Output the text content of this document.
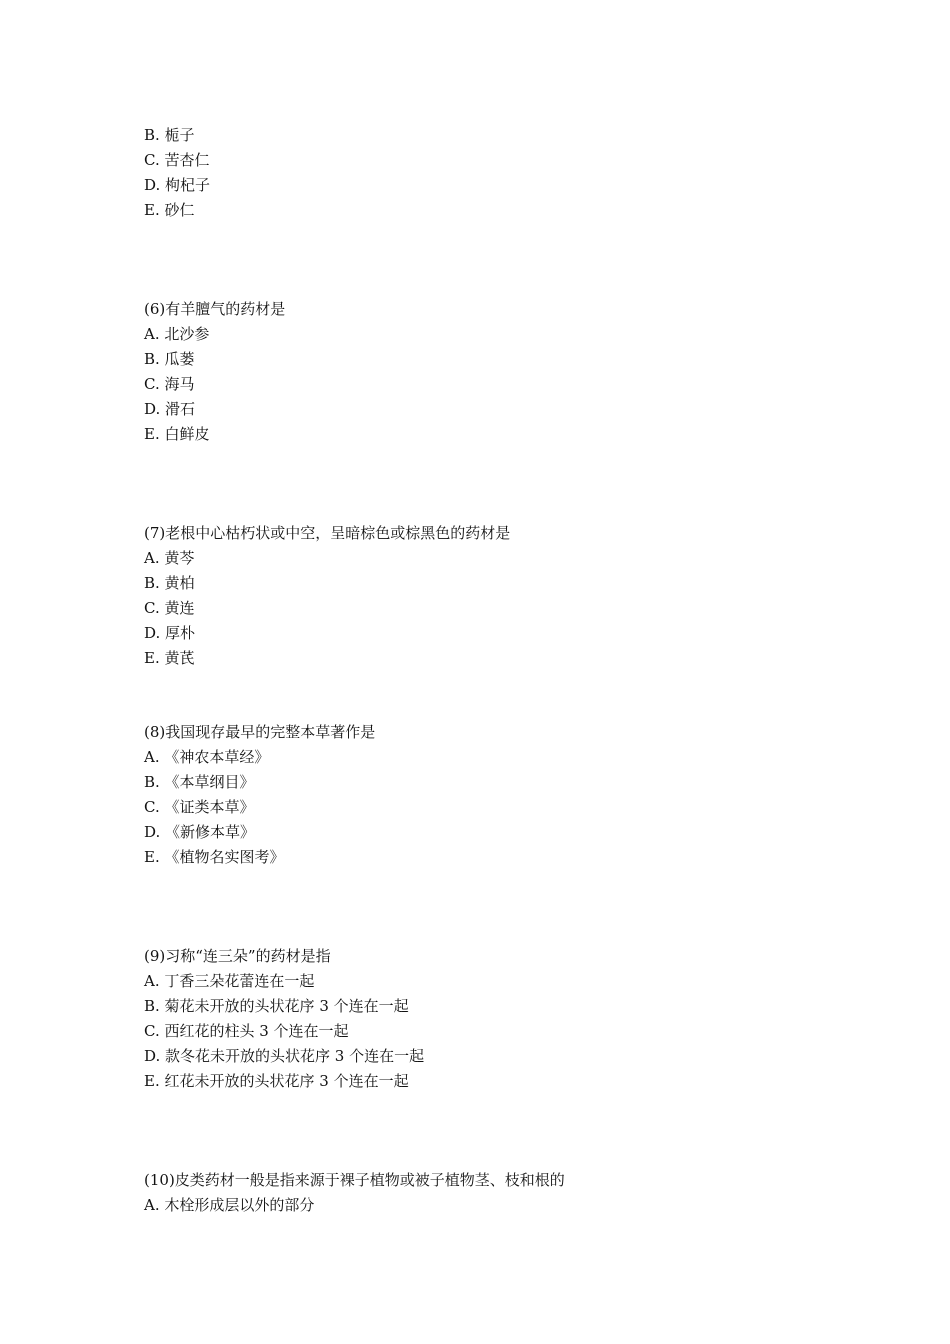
B. 栀子
C. 苦杏仁
D. 枸杞子
E. 砂仁
(6)有羊膻气的药材是
A. 北沙参
B. 瓜蒌
C. 海马
D. 滑石
E. 白鲜皮
(7)老根中心枯朽状或中空，呈暗棕色或棕黑色的药材是
A. 黄芩
B. 黄柏
C. 黄连
D. 厚朴
E. 黄芪
(8)我国现存最早的完整本草著作是
A. 《神农本草经》
B. 《本草纲目》
C. 《证类本草》
D. 《新修本草》
E. 《植物名实图考》
(9)习称“连三朵”的药材是指
A. 丁香三朵花蕾连在一起
B. 菊花未开放的头状花序 3 个连在一起
C. 西红花的柱头 3 个连在一起
D. 款冬花未开放的头状花序 3 个连在一起
E. 红花未开放的头状花序 3 个连在一起
(10)皮类药材一般是指来源于裸子植物或被子植物茎、枝和根的
A. 木栓形成层以外的部分
